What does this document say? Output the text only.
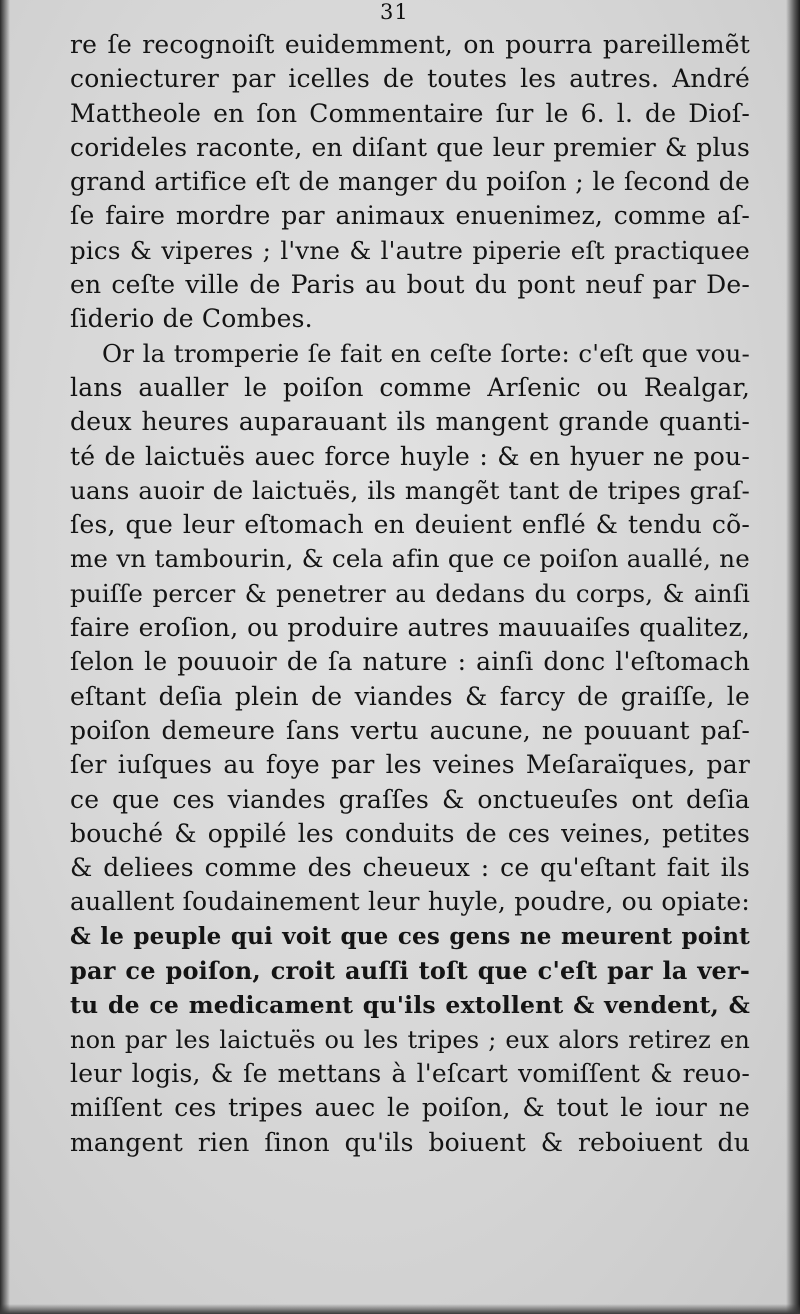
31
re ſe recognoiſt euidemment, on pourra pareillemẽt
coniecturer par icelles de toutes les autres. André
Mattheole en ſon Commentaire ſur le 6. l. de Dioſ-
corideles raconte, en diſant que leur premier & plus
grand artifice eſt de manger du poiſon ; le ſecond de
ſe faire mordre par animaux enuenimez, comme aſ-
pics & viperes ; l'vne & l'autre piperie eſt practiquee
en ceſte ville de Paris au bout du pont neuf par De-
ſiderio de Combes.
Or la tromperie ſe fait en ceſte ſorte: c'eſt que vou-
lans aualler le poiſon comme Arſenic ou Realgar,
deux heures auparauant ils mangent grande quanti-
té de laictuës auec force huyle : & en hyuer ne pou-
uans auoir de laictuës, ils mangẽt tant de tripes graſ-
ſes, que leur eſtomach en deuient enflé & tendu cõ-
me vn tambourin, & cela afin que ce poiſon auallé, ne
puiſſe percer & penetrer au dedans du corps, & ainſi
faire eroſion, ou produire autres mauuaiſes qualitez,
ſelon le pouuoir de ſa nature : ainſi donc l'eſtomach
eſtant deſia plein de viandes & farcy de graiſſe, le
poiſon demeure ſans vertu aucune, ne pouuant paſ-
ſer iuſques au foye par les veines Meſaraïques, par
ce que ces viandes graſſes & onctueuſes ont deſia
bouché & oppilé les conduits de ces veines, petites
& deliees comme des cheueux : ce qu'eſtant fait ils
auallent ſoudainement leur huyle, poudre, ou opiate:
& le peuple qui voit que ces gens ne meurent point
par ce poiſon, croit auſſi toſt que c'eſt par la ver-
tu de ce medicament qu'ils extollent & vendent, &
non par les laictuës ou les tripes ; eux alors retirez en
leur logis, & ſe mettans à l'eſcart vomiſſent & reuo-
miſſent ces tripes auec le poiſon, & tout le iour ne
mangent rien ſinon qu'ils boiuent & reboiuent du
